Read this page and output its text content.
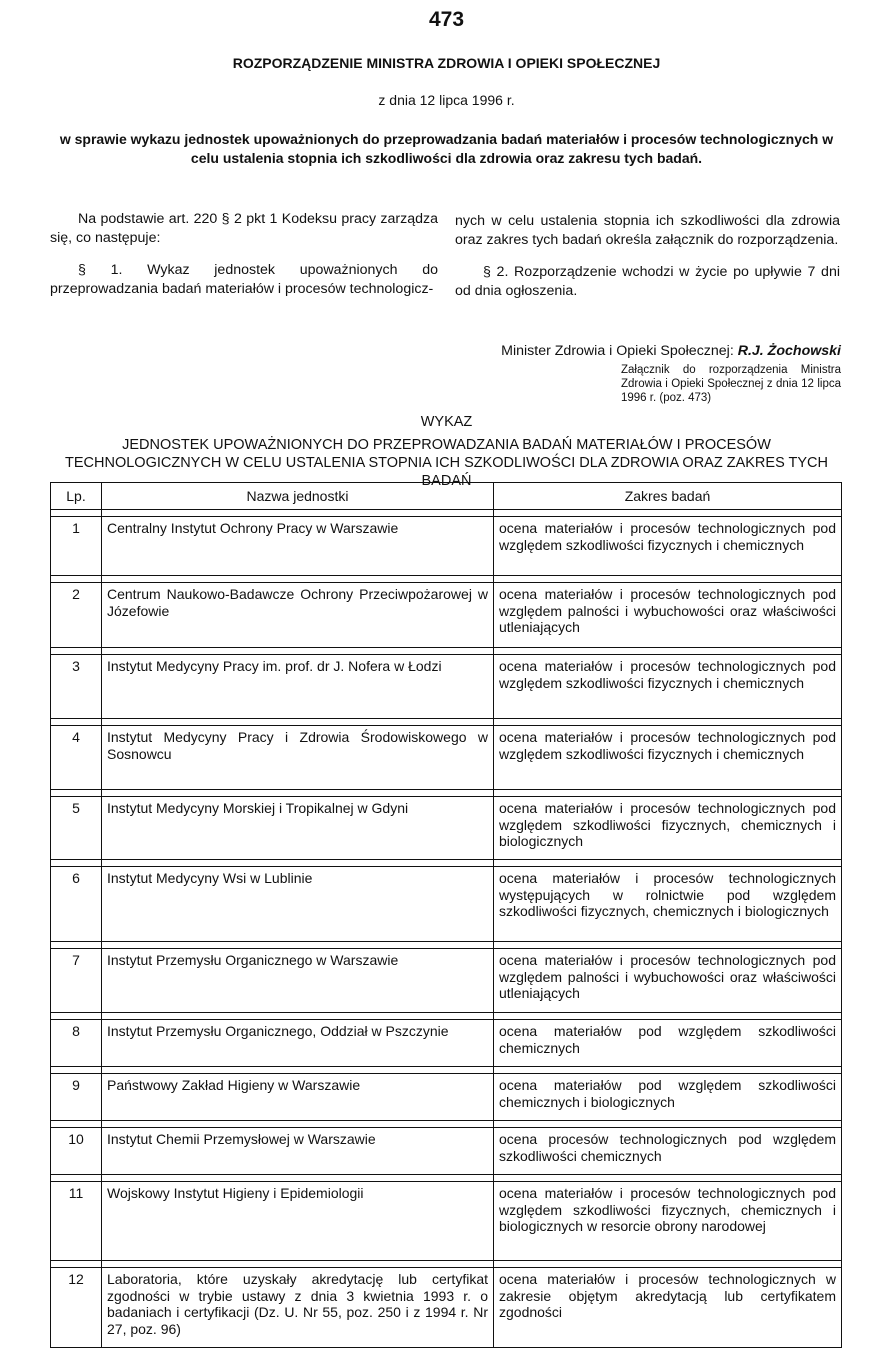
473
ROZPORZĄDZENIE MINISTRA ZDROWIA I OPIEKI SPOŁECZNEJ
z dnia 12 lipca 1996 r.
w sprawie wykazu jednostek upoważnionych do przeprowadzania badań materiałów i procesów technologicznych w celu ustalenia stopnia ich szkodliwości dla zdrowia oraz zakresu tych badań.

Na podstawie art. 220 § 2 pkt 1 Kodeksu pracy zarządza się, co następuje:

§ 1. Wykaz jednostek upoważnionych do przeprowadzania badań materiałów i procesów technologicz-

nych w celu ustalenia stopnia ich szkodliwości dla zdrowia oraz zakres tych badań określa załącznik do rozporządzenia.

§ 2. Rozporządzenie wchodzi w życie po upływie 7 dni od dnia ogłoszenia.

Minister Zdrowia i Opieki Społecznej: R.J. Żochowski
Załącznik do rozporządzenia Ministra Zdrowia i Opieki Społecznej z dnia 12 lipca 1996 r. (poz. 473)
WYKAZ
JEDNOSTEK UPOWAŻNIONYCH DO PRZEPROWADZANIA BADAŃ MATERIAŁÓW I PROCESÓW TECHNOLOGICZNYCH W CELU USTALENIA STOPNIA ICH SZKODLIWOŚCI DLA ZDROWIA ORAZ ZAKRES TYCH BADAŃ
Lp.	Nazwa jednostki	Zakres badań

1	Centralny Instytut Ochrony Pracy w Warszawie	ocena materiałów i procesów technologicznych pod względem szkodliwości fizycznych i chemicznych

2	Centrum Naukowo-Badawcze Ochrony Przeciwpożarowej w Józefowie	ocena materiałów i procesów technologicznych pod względem palności i wybuchowości oraz właściwości utleniających

3	Instytut Medycyny Pracy im. prof. dr J. Nofera w Łodzi	ocena materiałów i procesów technologicznych pod względem szkodliwości fizycznych i chemicznych

4	Instytut Medycyny Pracy i Zdrowia Środowiskowego w Sosnowcu	ocena materiałów i procesów technologicznych pod względem szkodliwości fizycznych i chemicznych

5	Instytut Medycyny Morskiej i Tropikalnej w Gdyni	ocena materiałów i procesów technologicznych pod względem szkodliwości fizycznych, chemicznych i biologicznych

6	Instytut Medycyny Wsi w Lublinie	ocena materiałów i procesów technologicznych występujących w rolnictwie pod względem szkodliwości fizycznych, chemicznych i biologicznych

7	Instytut Przemysłu Organicznego w Warszawie	ocena materiałów i procesów technologicznych pod względem palności i wybuchowości oraz właściwości utleniających

8	Instytut Przemysłu Organicznego, Oddział w Pszczynie	ocena materiałów pod względem szkodliwości chemicznych

9	Państwowy Zakład Higieny w Warszawie	ocena materiałów pod względem szkodliwości chemicznych i biologicznych

10	Instytut Chemii Przemysłowej w Warszawie	ocena procesów technologicznych pod względem szkodliwości chemicznych

11	Wojskowy Instytut Higieny i Epidemiologii	ocena materiałów i procesów technologicznych pod względem szkodliwości fizycznych, chemicznych i biologicznych w resorcie obrony narodowej

12	Laboratoria, które uzyskały akredytację lub certyfikat zgodności w trybie ustawy z dnia 3 kwietnia 1993 r. o badaniach i certyfikacji (Dz. U. Nr 55, poz. 250 i z 1994 r. Nr 27, poz. 96)	ocena materiałów i procesów technologicznych w zakresie objętym akredytacją lub certyfikatem zgodności
